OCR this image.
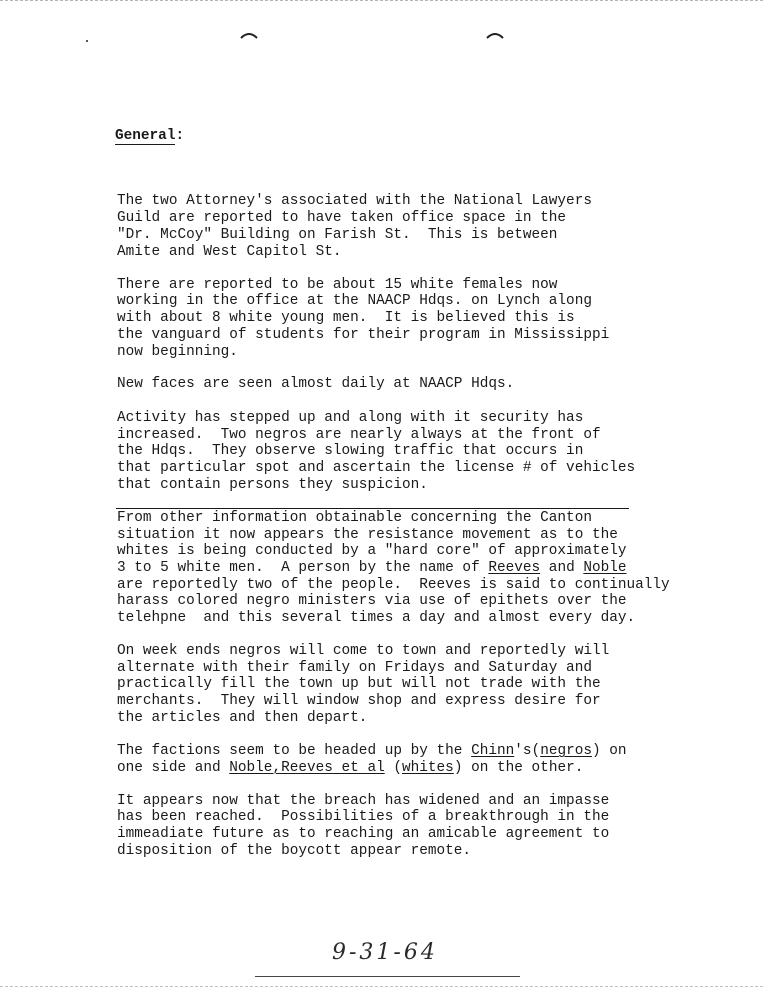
General:

The two Attorney's associated with the National Lawyers

Guild are reported to have taken office space in the

"Dr. McCoy" Building on Farish St.  This is between

Amite and West Capitol St.

There are reported to be about 15 white females now

working in the office at the NAACP Hdqs. on Lynch along

with about 8 white young men.  It is believed this is

the vanguard of students for their program in Mississippi

now beginning.

New faces are seen almost daily at NAACP Hdqs.

Activity has stepped up and along with it security has

increased.  Two negros are nearly always at the front of

the Hdqs.  They observe slowing traffic that occurs in

that particular spot and ascertain the license # of vehicles

that contain persons they suspicion.

From other information obtainable concerning the Canton

situation it now appears the resistance movement as to the

whites is being conducted by a "hard core" of approximately

3 to 5 white men.  A person by the name of Reeves and Noble

are reportedly two of the people.  Reeves is said to continually

harass colored negro ministers via use of epithets over the

telehpne  and this several times a day and almost every day.

On week ends negros will come to town and reportedly will

alternate with their family on Fridays and Saturday and

practically fill the town up but will not trade with the

merchants.  They will window shop and express desire for

the articles and then depart.

The factions seem to be headed up by the Chinn's(negros) on

one side and Noble,Reeves et al (whites) on the other.

It appears now that the breach has widened and an impasse

has been reached.  Possibilities of a breakthrough in the

immeadiate future as to reaching an amicable agreement to

disposition of the boycott appear remote.

9-31-64
